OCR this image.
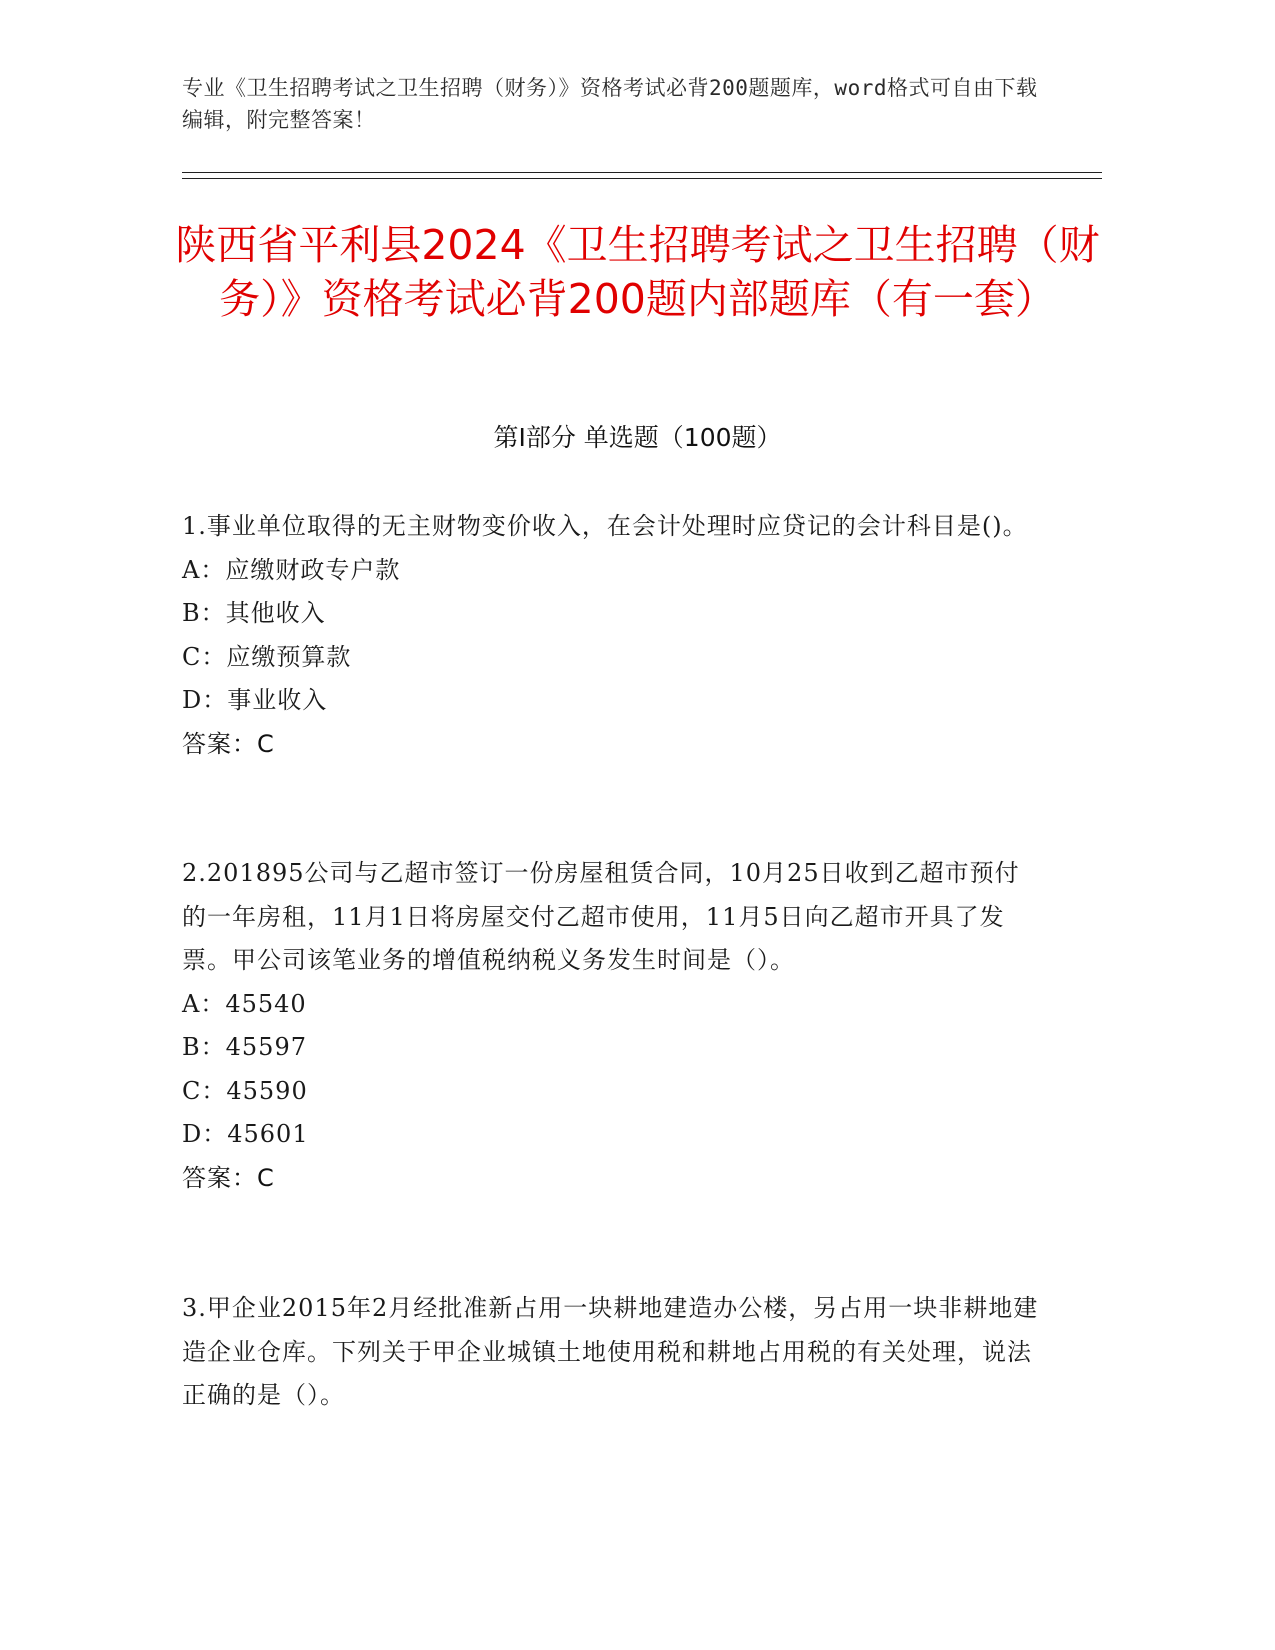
专业《卫生招聘考试之卫生招聘（财务）》资格考试必背200题题库，word格式可自由下载编辑，附完整答案！
陕西省平利县2024《卫生招聘考试之卫生招聘（财务）》资格考试必背200题内部题库（有一套）
第Ⅰ部分 单选题（100题）
1.事业单位取得的无主财物变价收入，在会计处理时应贷记的会计科目是()。
A：应缴财政专户款
B：其他收入
C：应缴预算款
D：事业收入
答案：C
2.201895公司与乙超市签订一份房屋租赁合同，10月25日收到乙超市预付的一年房租，11月1日将房屋交付乙超市使用，11月5日向乙超市开具了发票。甲公司该笔业务的增值税纳税义务发生时间是（）。
A：45540
B：45597
C：45590
D：45601
答案：C
3.甲企业2015年2月经批准新占用一块耕地建造办公楼，另占用一块非耕地建造企业仓库。下列关于甲企业城镇土地使用税和耕地占用税的有关处理，说法正确的是（）。
